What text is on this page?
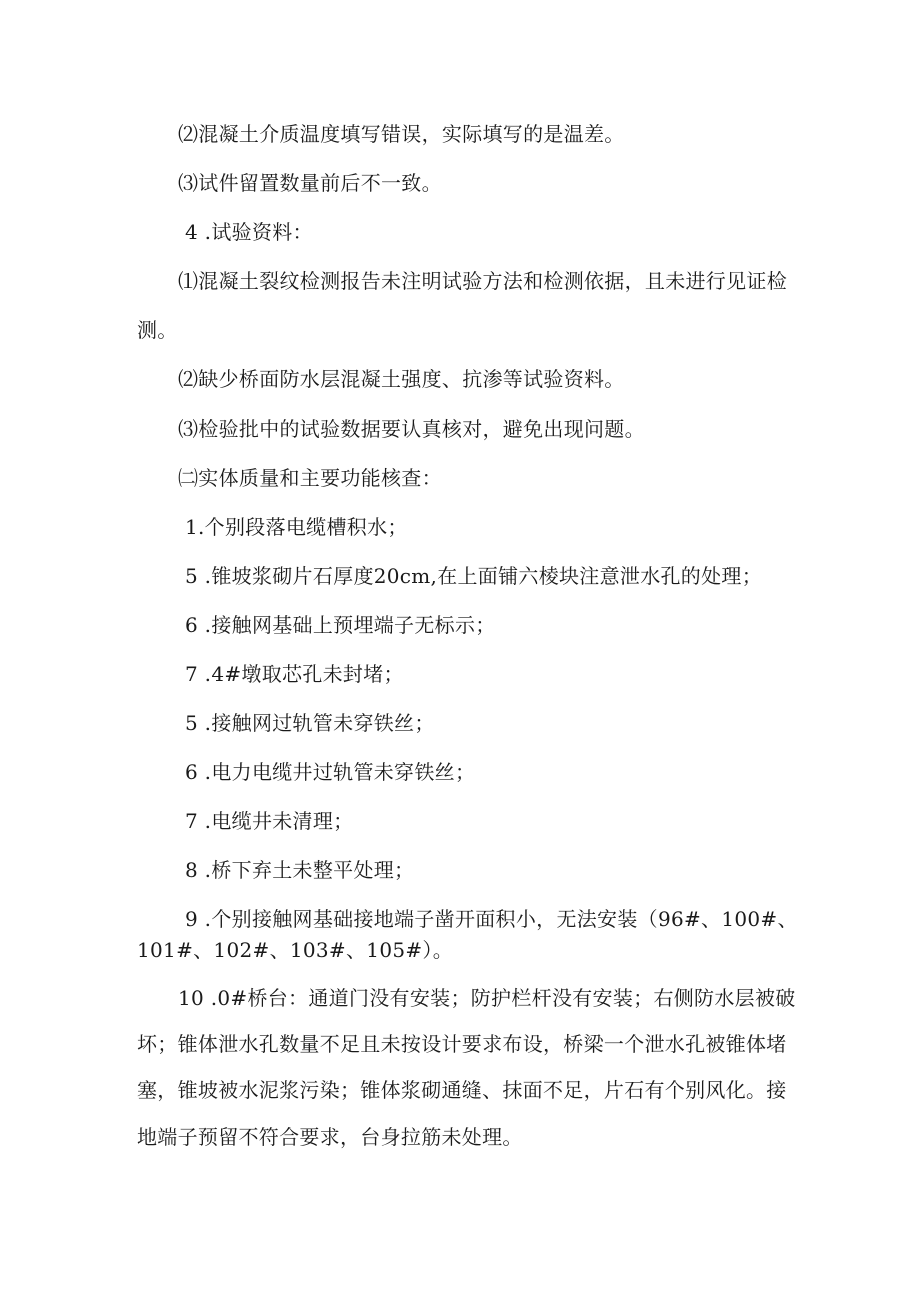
⑵混凝土介质温度填写错误，实际填写的是温差。
⑶试件留置数量前后不一致。
4 .试验资料：
⑴混凝土裂纹检测报告未注明试验方法和检测依据，且未进行见证检
测。
⑵缺少桥面防水层混凝土强度、抗渗等试验资料。
⑶检验批中的试验数据要认真核对，避免出现问题。
㈡实体质量和主要功能核查：
1.个别段落电缆槽积水；
5 .锥坡浆砌片石厚度20cm,在上面铺六棱块注意泄水孔的处理；
6 .接触网基础上预埋端子无标示；
7 .4#墩取芯孔未封堵；
5 .接触网过轨管未穿铁丝；
6 .电力电缆井过轨管未穿铁丝；
7 .电缆井未清理；
8 .桥下弃土未整平处理；
9 .个别接触网基础接地端子凿开面积小，无法安装（96#、100#、
101#、102#、103#、105#）。
10 .0#桥台：通道门没有安装；防护栏杆没有安装；右侧防水层被破
坏；锥体泄水孔数量不足且未按设计要求布设，桥梁一个泄水孔被锥体堵
塞，锥坡被水泥浆污染；锥体浆砌通缝、抹面不足，片石有个别风化。接
地端子预留不符合要求，台身拉筋未处理。
